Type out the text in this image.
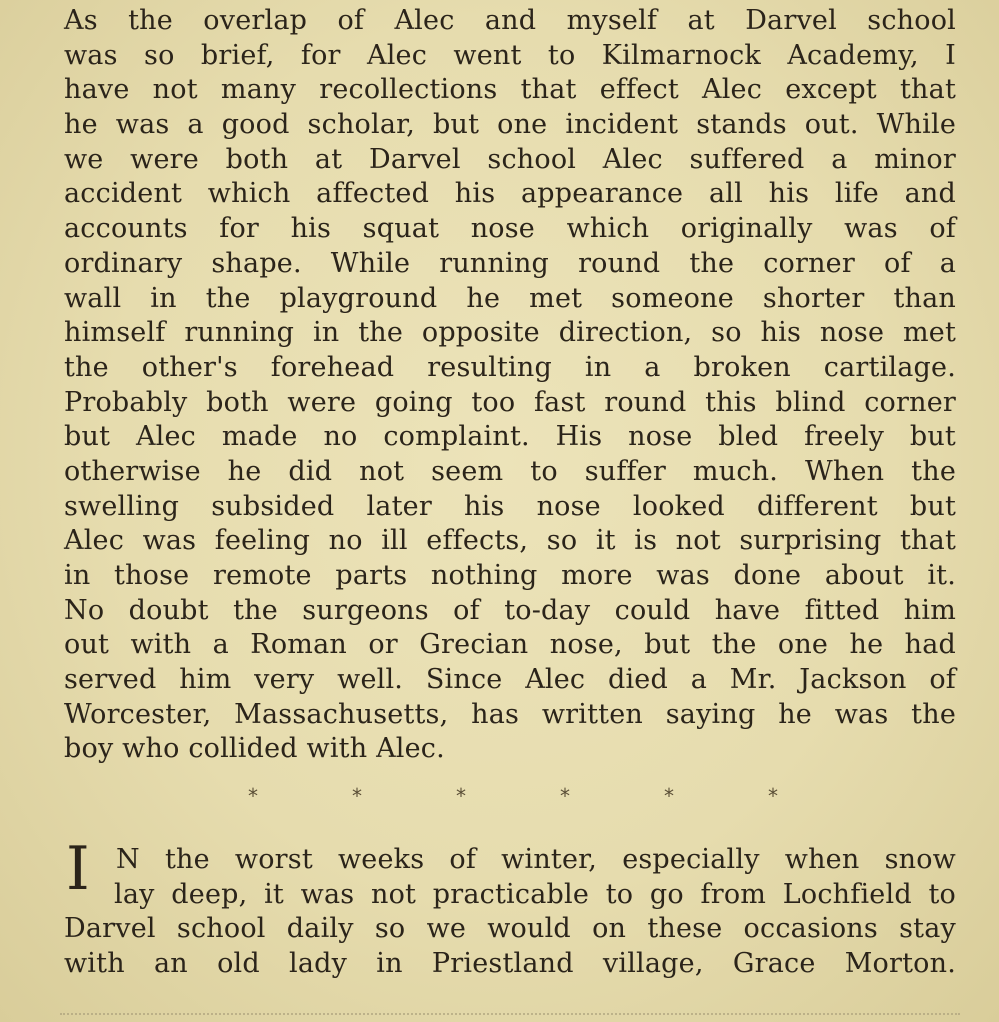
As the overlap of Alec and myself at Darvel school
was so brief, for Alec went to Kilmarnock Academy, I
have not many recollections that effect Alec except that
he was a good scholar, but one incident stands out. While
we were both at Darvel school Alec suffered a minor
accident which affected his appearance all his life and
accounts for his squat nose which originally was of
ordinary shape. While running round the corner of a
wall in the playground he met someone shorter than
himself running in the opposite direction, so his nose met
the other's forehead resulting in a broken cartilage.
Probably both were going too fast round this blind corner
but Alec made no complaint. His nose bled freely but
otherwise he did not seem to suffer much. When the
swelling subsided later his nose looked different but
Alec was feeling no ill effects, so it is not surprising that
in those remote parts nothing more was done about it.
No doubt the surgeons of to-day could have fitted him
out with a Roman or Grecian nose, but the one he had
served him very well. Since Alec died a Mr. Jackson of
Worcester, Massachusetts, has written saying he was the
boy who collided with Alec.
*	*	*	*	*	*
I N the worst weeks of winter, especially when snow
lay deep, it was not practicable to go from Lochfield to
Darvel school daily so we would on these occasions stay
with an old lady in Priestland village, Grace Morton.
